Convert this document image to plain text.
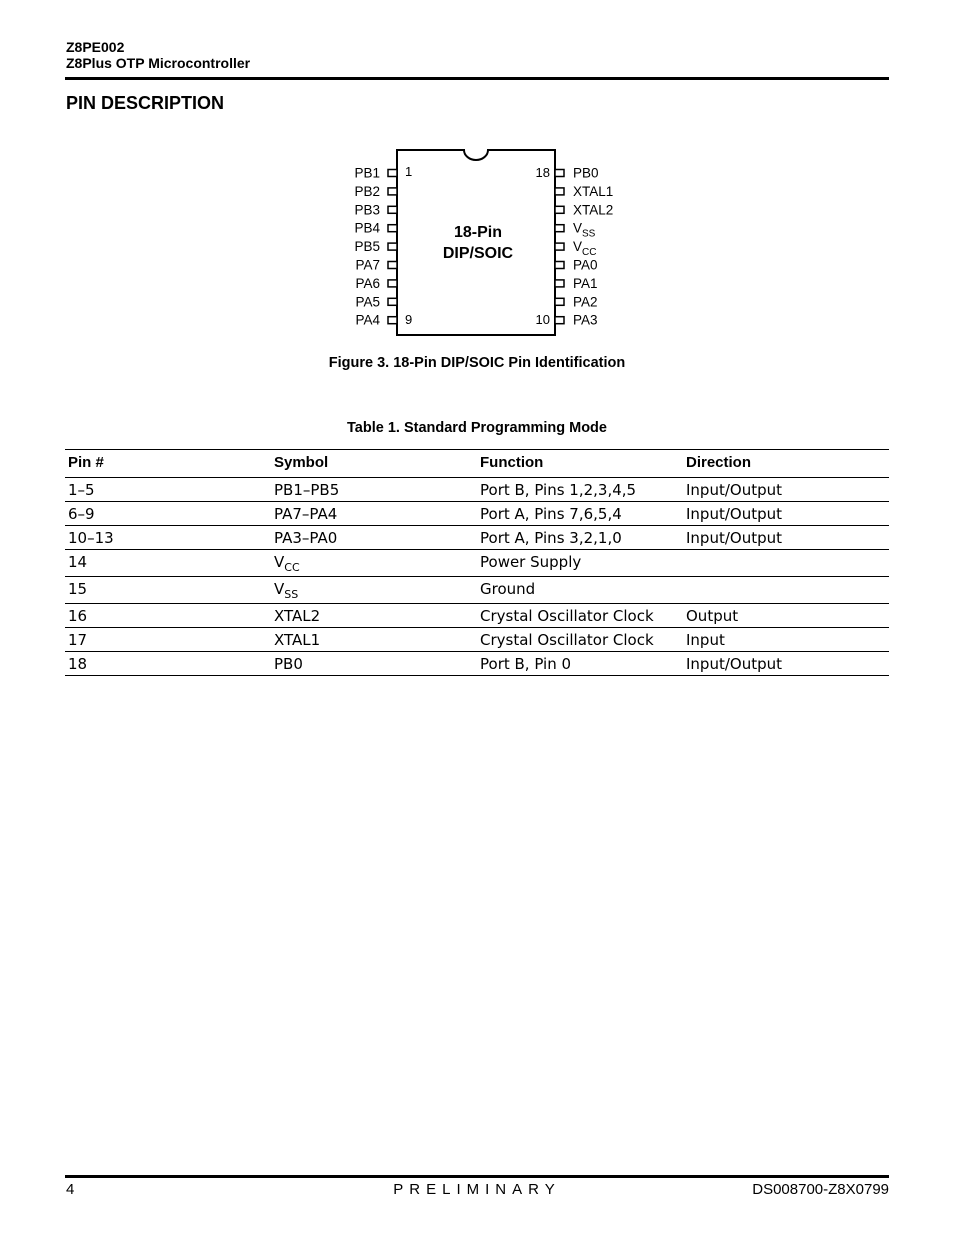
Z8PE002
Z8Plus OTP Microcontroller
PIN DESCRIPTION
18-Pin
DIP/SOIC
1
9
18
10
PB1
PB2
PB3
PB4
PB5
PA7
PA6
PA5
PA4
PB0
XTAL1
XTAL2
$V_{SS}$
$V_{CC}$
PA0
PA1
PA2
PA3
Figure 3. 18-Pin DIP/SOIC Pin Identification
Table 1. Standard Programming Mode
Pin #	Symbol	Function	Direction
1–5	PB1–PB5	Port B, Pins 1,2,3,4,5	Input/Output
6–9	PA7–PA4	Port A, Pins 7,6,5,4	Input/Output
10–13	PA3–PA0	Port A, Pins 3,2,1,0	Input/Output
14	$V_{CC}$	Power Supply	
15	$V_{SS}$	Ground	
16	XTAL2	Crystal Oscillator Clock	Output
17	XTAL1	Crystal Oscillator Clock	Input
18	PB0	Port B, Pin 0	Input/Output
4	PRELIMINARY	DS008700-Z8X0799
